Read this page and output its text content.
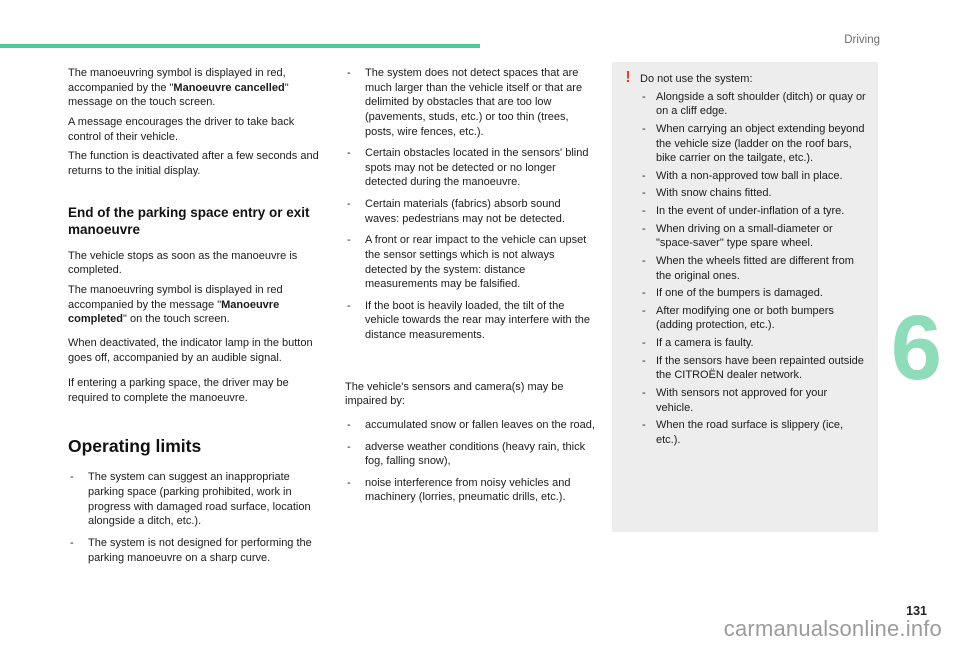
Driving

The manoeuvring symbol is displayed in red, accompanied by the "Manoeuvre cancelled" message on the touch screen.

A message encourages the driver to take back control of their vehicle.

The function is deactivated after a few seconds and returns to the initial display.

End of the parking space entry or exit manoeuvre

The vehicle stops as soon as the manoeuvre is completed.

The manoeuvring symbol is displayed in red accompanied by the message "Manoeuvre completed" on the touch screen.

When deactivated, the indicator lamp in the button goes off, accompanied by an audible signal.

If entering a parking space, the driver may be required to complete the manoeuvre.

Operating limits
- The system can suggest an inappropriate parking space (parking prohibited, work in progress with damaged road surface, location alongside a ditch, etc.).
- The system is not designed for performing the parking manoeuvre on a sharp curve.
- The system does not detect spaces that are much larger than the vehicle itself or that are delimited by obstacles that are too low (pavements, studs, etc.) or too thin (trees, posts, wire fences, etc.).
- Certain obstacles located in the sensors' blind spots may not be detected or no longer detected during the manoeuvre.
- Certain materials (fabrics) absorb sound waves: pedestrians may not be detected.
- A front or rear impact to the vehicle can upset the sensor settings which is not always detected by the system: distance measurements may be falsified.
- If the boot is heavily loaded, the tilt of the vehicle towards the rear may interfere with the distance measurements.

The vehicle's sensors and camera(s) may be impaired by:

- accumulated snow or fallen leaves on the road,
- adverse weather conditions (heavy rain, thick fog, falling snow),
- noise interference from noisy vehicles and machinery (lorries, pneumatic drills, etc.).
! Do not use the system:

- Alongside a soft shoulder (ditch) or quay or on a cliff edge.
- When carrying an object extending beyond the vehicle size (ladder on the roof bars, bike carrier on the tailgate, etc.).
- With a non-approved tow ball in place.
- With snow chains fitted.
- In the event of under-inflation of a tyre.
- When driving on a small-diameter or "space-saver" type spare wheel.
- When the wheels fitted are different from the original ones.
- If one of the bumpers is damaged.
- After modifying one or both bumpers (adding protection, etc.).
- If a camera is faulty.
- If the sensors have been repainted outside the CITROËN dealer network.
- With sensors not approved for your vehicle.
- When the road surface is slippery (ice, etc.).
6
131
carmanualsonline.info
